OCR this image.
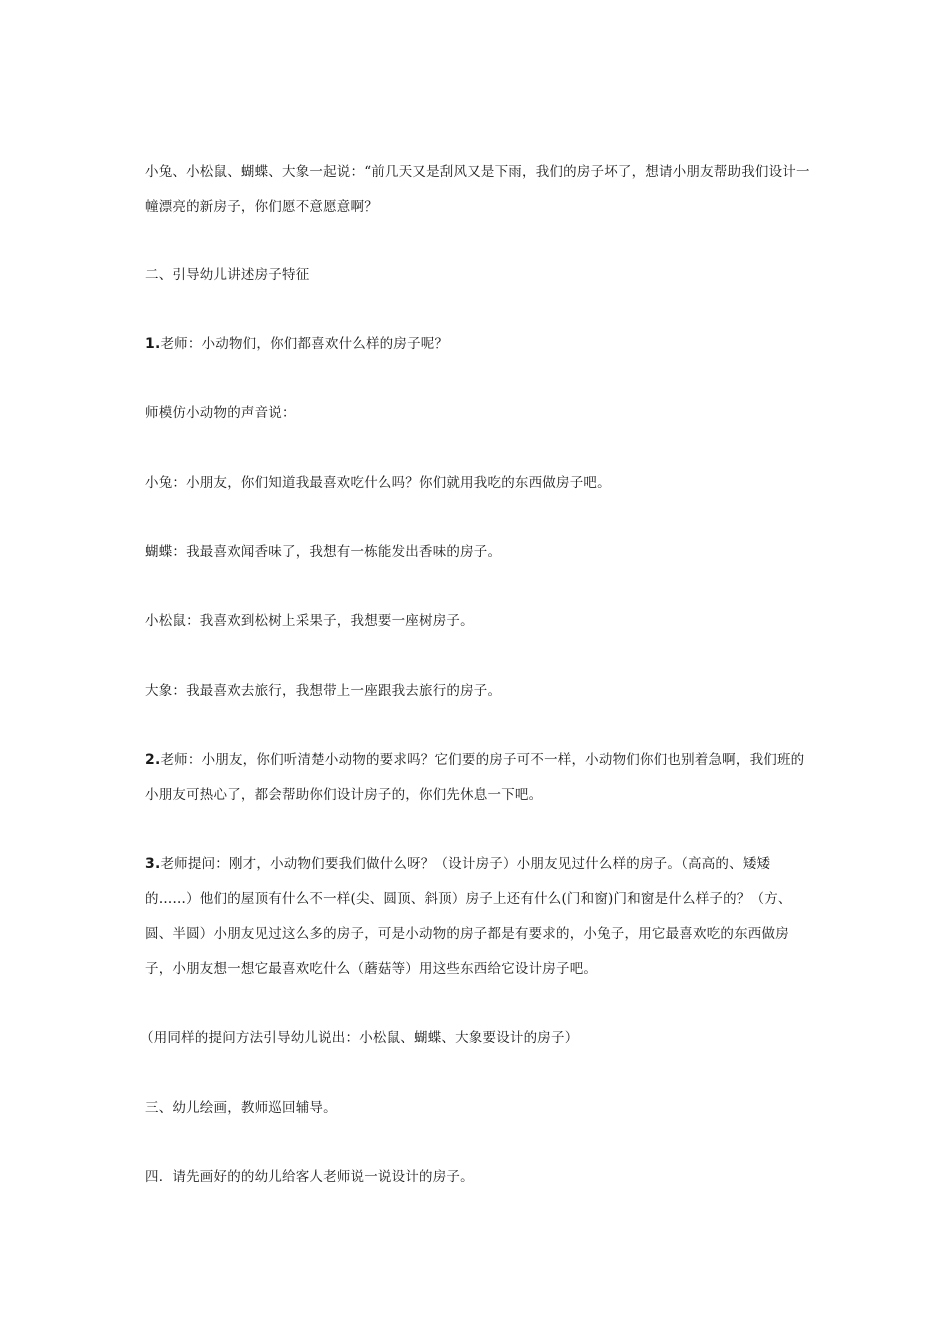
小兔、小松鼠、蝴蝶、大象一起说：“前几天又是刮风又是下雨，我们的房子坏了，想请小朋友帮助我们设计一幢漂亮的新房子，你们愿不意愿意啊？

二、引导幼儿讲述房子特征

1.老师：小动物们，你们都喜欢什么样的房子呢？

师模仿小动物的声音说：

小兔：小朋友，你们知道我最喜欢吃什么吗？你们就用我吃的东西做房子吧。

蝴蝶：我最喜欢闻香味了，我想有一栋能发出香味的房子。

小松鼠：我喜欢到松树上采果子，我想要一座树房子。

大象：我最喜欢去旅行，我想带上一座跟我去旅行的房子。

2.老师：小朋友，你们听清楚小动物的要求吗？它们要的房子可不一样，小动物们你们也别着急啊，我们班的小朋友可热心了，都会帮助你们设计房子的，你们先休息一下吧。

3.老师提问：刚才，小动物们要我们做什么呀？（设计房子）小朋友见过什么样的房子。（高高的、矮矮的……）他们的屋顶有什么不一样(尖、圆顶、斜顶）房子上还有什么(门和窗)门和窗是什么样子的？（方、圆、半圆）小朋友见过这么多的房子，可是小动物的房子都是有要求的，小兔子，用它最喜欢吃的东西做房子，小朋友想一想它最喜欢吃什么（蘑菇等）用这些东西给它设计房子吧。

（用同样的提问方法引导幼儿说出：小松鼠、蝴蝶、大象要设计的房子）

三、幼儿绘画，教师巡回辅导。

四．请先画好的的幼儿给客人老师说一说设计的房子。
